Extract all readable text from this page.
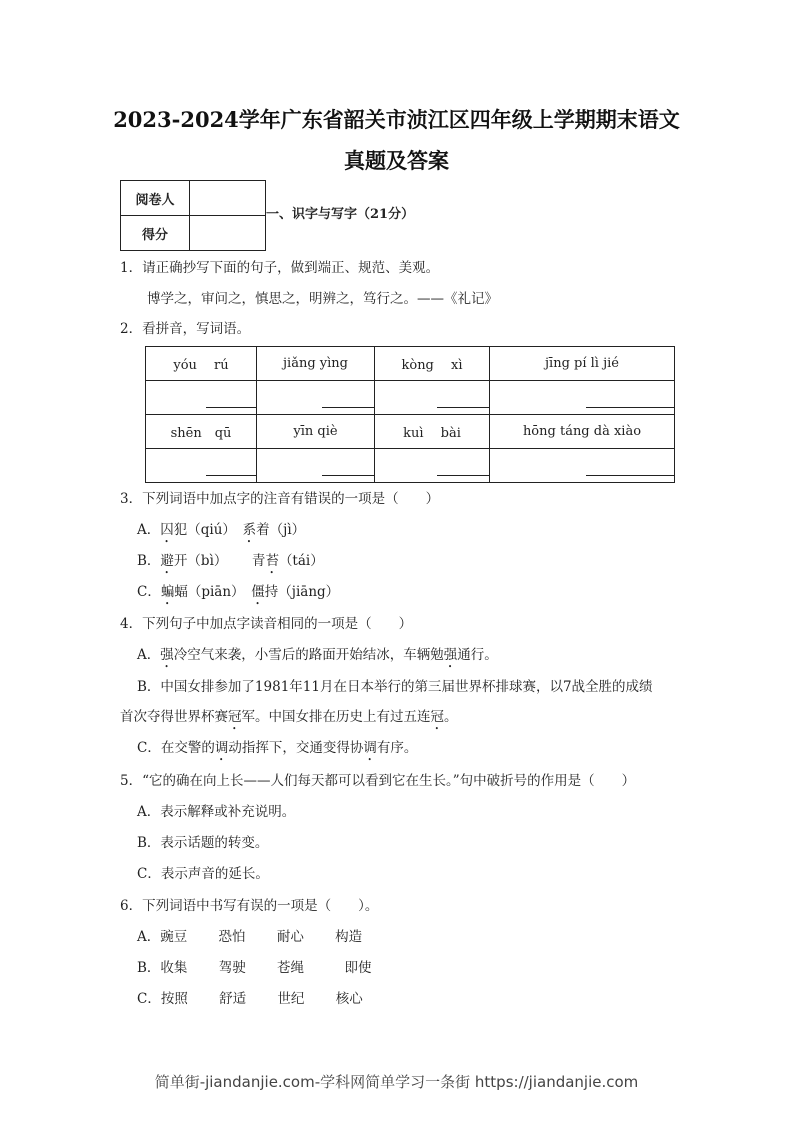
2023-2024学年广东省韶关市浈江区四年级上学期期末语文
真题及答案
阅卷人	
得分	
一、识字与写字（21分）
1．请正确抄写下面的句子，做到端正、规范、美观。
博学之，审问之，慎思之，明辨之，笃行之。——《礼记》
2．看拼音，写词语。
yóu　 rú	jiǎng yìng	kòng　 xì	jīng pí lì jié

shēn　qū	yīn qiè	kuì　 bài	hōng táng dà xiào

3．下列词语中加点字的注音有错误的一项是（　　）
A．囚犯（qiú）　系着（jì）
B．避开（bì）　　 青苔（tái）
C．蝙蝠（piān）　僵持（jiāng）
4．下列句子中加点字读音相同的一项是（　　）
A．强冷空气来袭，小雪后的路面开始结冰，车辆勉强通行。
B．中国女排参加了1981年11月在日本举行的第三届世界杯排球赛，以7战全胜的成绩
首次夺得世界杯赛冠军。中国女排在历史上有过五连冠。
C．在交警的调动指挥下，交通变得协调有序。
5．“它的确在向上长——人们每天都可以看到它在生长。”句中破折号的作用是（　　）
A．表示解释或补充说明。
B．表示话题的转变。
C．表示声音的延长。
6．下列词语中书写有误的一项是（　　）。
A．豌豆　　 恐怕　　 耐心　　 构造
B．收集　　 驾驶　　 苍绳　　　即使
C．按照　　 舒适　　 世纪　　 核心
简单街-jiandanjie.com-学科网简单学习一条街 https://jiandanjie.com
